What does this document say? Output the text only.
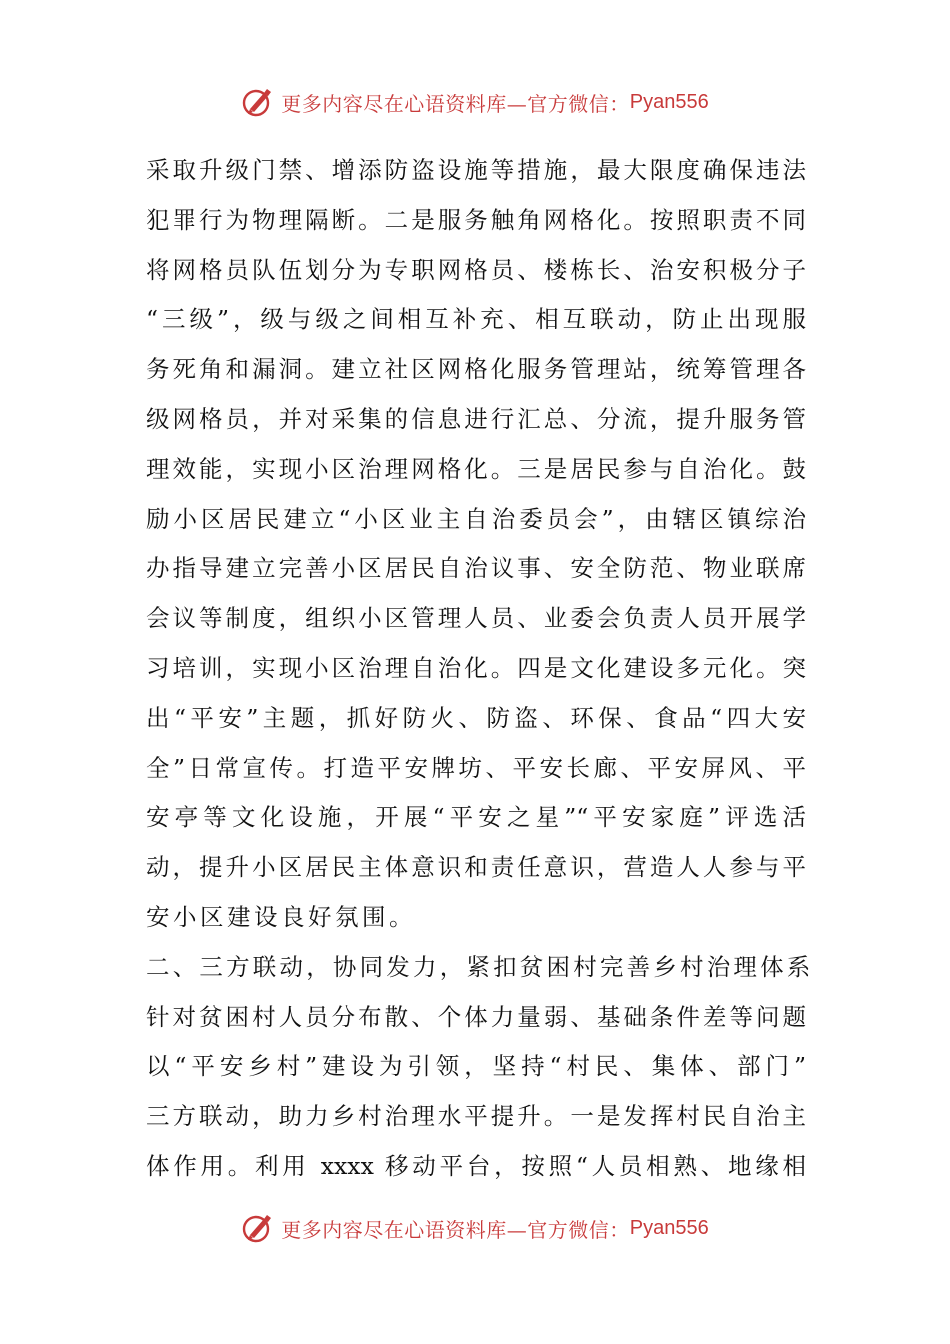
更多内容尽在心语资料库—官方微信： Pyan556
采取升级门禁、增添防盗设施等措施，最大限度确保违法
犯罪行为物理隔断。二是服务触角网格化。按照职责不同
将网格员队伍划分为专职网格员、楼栋长、治安积极分子
“三级”，级与级之间相互补充、相互联动，防止出现服
务死角和漏洞。建立社区网格化服务管理站，统筹管理各
级网格员，并对采集的信息进行汇总、分流，提升服务管
理效能，实现小区治理网格化。三是居民参与自治化。鼓
励小区居民建立“小区业主自治委员会”，由辖区镇综治
办指导建立完善小区居民自治议事、安全防范、物业联席
会议等制度，组织小区管理人员、业委会负责人员开展学
习培训，实现小区治理自治化。四是文化建设多元化。突
出“平安”主题，抓好防火、防盗、环保、食品“四大安
全”日常宣传。打造平安牌坊、平安长廊、平安屏风、平
安亭等文化设施，开展“平安之星”“平安家庭”评选活
动，提升小区居民主体意识和责任意识，营造人人参与平
安小区建设良好氛围。
二、三方联动，协同发力，紧扣贫困村完善乡村治理体系
针对贫困村人员分布散、个体力量弱、基础条件差等问题
以“平安乡村”建设为引领，坚持“村民、集体、部门”
三方联动，助力乡村治理水平提升。一是发挥村民自治主
体作用。利用 xxxx 移动平台，按照“人员相熟、地缘相
更多内容尽在心语资料库—官方微信： Pyan556
